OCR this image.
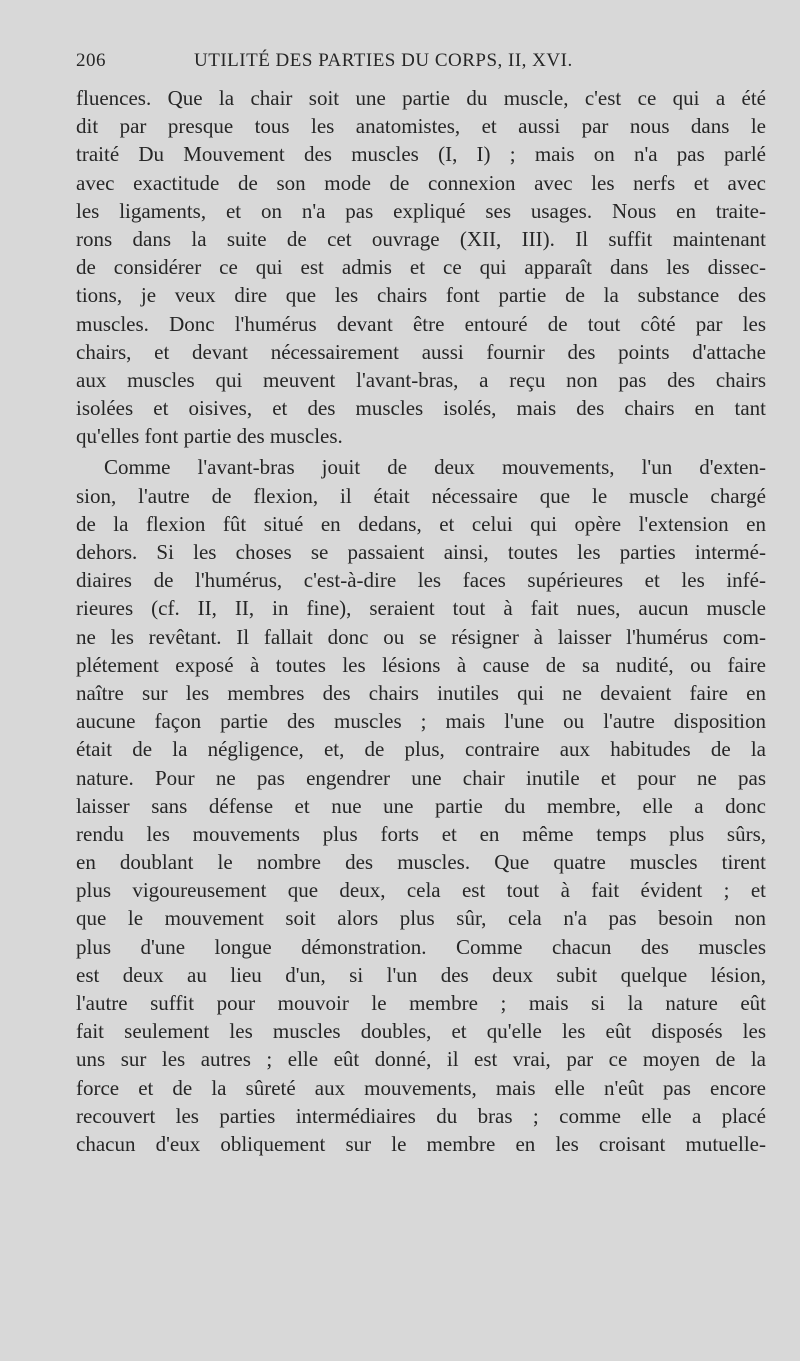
206	UTILITÉ DES PARTIES DU CORPS, II, XVI.
fluences. Que la chair soit une partie du muscle, c'est ce qui a été
dit par presque tous les anatomistes, et aussi par nous dans le
traité Du Mouvement des muscles (I, I) ; mais on n'a pas parlé
avec exactitude de son mode de connexion avec les nerfs et avec
les ligaments, et on n'a pas expliqué ses usages. Nous en traite-
rons dans la suite de cet ouvrage (XII, III). Il suffit maintenant
de considérer ce qui est admis et ce qui apparaît dans les dissec-
tions, je veux dire que les chairs font partie de la substance des
muscles. Donc l'humérus devant être entouré de tout côté par les
chairs, et devant nécessairement aussi fournir des points d'attache
aux muscles qui meuvent l'avant-bras, a reçu non pas des chairs
isolées et oisives, et des muscles isolés, mais des chairs en tant
qu'elles font partie des muscles.
Comme l'avant-bras jouit de deux mouvements, l'un d'exten-
sion, l'autre de flexion, il était nécessaire que le muscle chargé
de la flexion fût situé en dedans, et celui qui opère l'extension en
dehors. Si les choses se passaient ainsi, toutes les parties intermé-
diaires de l'humérus, c'est-à-dire les faces supérieures et les infé-
rieures (cf. II, II, in fine), seraient tout à fait nues, aucun muscle
ne les revêtant. Il fallait donc ou se résigner à laisser l'humérus com-
plétement exposé à toutes les lésions à cause de sa nudité, ou faire
naître sur les membres des chairs inutiles qui ne devaient faire en
aucune façon partie des muscles ; mais l'une ou l'autre disposition
était de la négligence, et, de plus, contraire aux habitudes de la
nature. Pour ne pas engendrer une chair inutile et pour ne pas
laisser sans défense et nue une partie du membre, elle a donc
rendu les mouvements plus forts et en même temps plus sûrs,
en doublant le nombre des muscles. Que quatre muscles tirent
plus vigoureusement que deux, cela est tout à fait évident ; et
que le mouvement soit alors plus sûr, cela n'a pas besoin non
plus d'une longue démonstration. Comme chacun des muscles
est deux au lieu d'un, si l'un des deux subit quelque lésion,
l'autre suffit pour mouvoir le membre ; mais si la nature eût
fait seulement les muscles doubles, et qu'elle les eût disposés les
uns sur les autres ; elle eût donné, il est vrai, par ce moyen de la
force et de la sûreté aux mouvements, mais elle n'eût pas encore
recouvert les parties intermédiaires du bras ; comme elle a placé
chacun d'eux obliquement sur le membre en les croisant mutuelle-
